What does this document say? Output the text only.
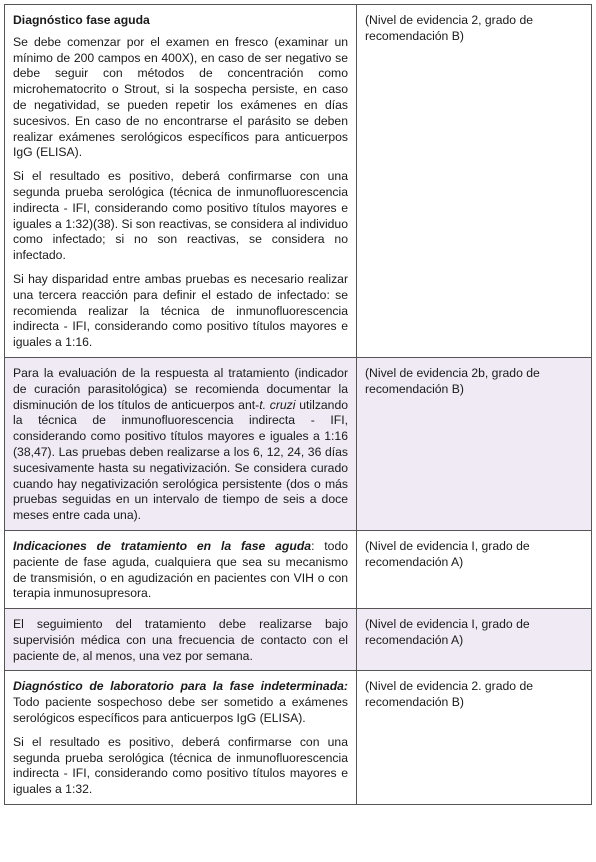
Diagnóstico fase aguda

Se debe comenzar por el examen en fresco (examinar un mínimo de 200 campos en 400X), en caso de ser negativo se debe seguir con métodos de concentración como microhematocrito o Strout, si la sospecha persiste, en caso de negatividad, se pueden repetir los exámenes en días sucesivos. En caso de no encontrarse el parásito se deben realizar exámenes serológicos específicos para anticuerpos IgG (ELISA).

Si el resultado es positivo, deberá confirmarse con una segunda prueba serológica (técnica de inmunofluorescencia indirecta - IFI, considerando como positivo títulos mayores e iguales a 1:32)(38). Si son reactivas, se considera al individuo como infectado; si no son reactivas, se considera no infectado.

Si hay disparidad entre ambas pruebas es necesario realizar una tercera reacción para definir el estado de infectado: se recomienda realizar la técnica de inmunofluorescencia indirecta - IFI, considerando como positivo títulos mayores e iguales a 1:16.	(Nivel de evidencia 2, grado de recomendación B)

Para la evaluación de la respuesta al tratamiento (indicador de curación parasitológica) se recomienda documentar la disminución de los títulos de anticuerpos ant-t. cruzi utilzando la técnica de inmunofluorescencia indirecta - IFI, considerando como positivo títulos mayores e iguales a 1:16 (38,47). Las pruebas deben realizarse a los 6, 12, 24, 36 días sucesivamente hasta su negativización. Se considera curado cuando hay negativización serológica persistente (dos o más pruebas seguidas en un intervalo de tiempo de seis a doce meses entre cada una).	(Nivel de evidencia 2b, grado de recomendación B)

Indicaciones de tratamiento en la fase aguda: todo paciente de fase aguda, cualquiera que sea su mecanismo de transmisión, o en agudización en pacientes con VIH o con terapia inmunosupresora.	(Nivel de evidencia I, grado de recomendación A)

El seguimiento del tratamiento debe realizarse bajo supervisión médica con una frecuencia de contacto con el paciente de, al menos, una vez por semana.	(Nivel de evidencia I, grado de recomendación A)

Diagnóstico de laboratorio para la fase indeterminada: Todo paciente sospechoso debe ser sometido a exámenes serológicos específicos para anticuerpos IgG (ELISA).

Si el resultado es positivo, deberá confirmarse con una segunda prueba serológica (técnica de inmunofluorescencia indirecta - IFI, considerando como positivo títulos mayores e iguales a 1:32.	(Nivel de evidencia 2. grado de recomendación B)
